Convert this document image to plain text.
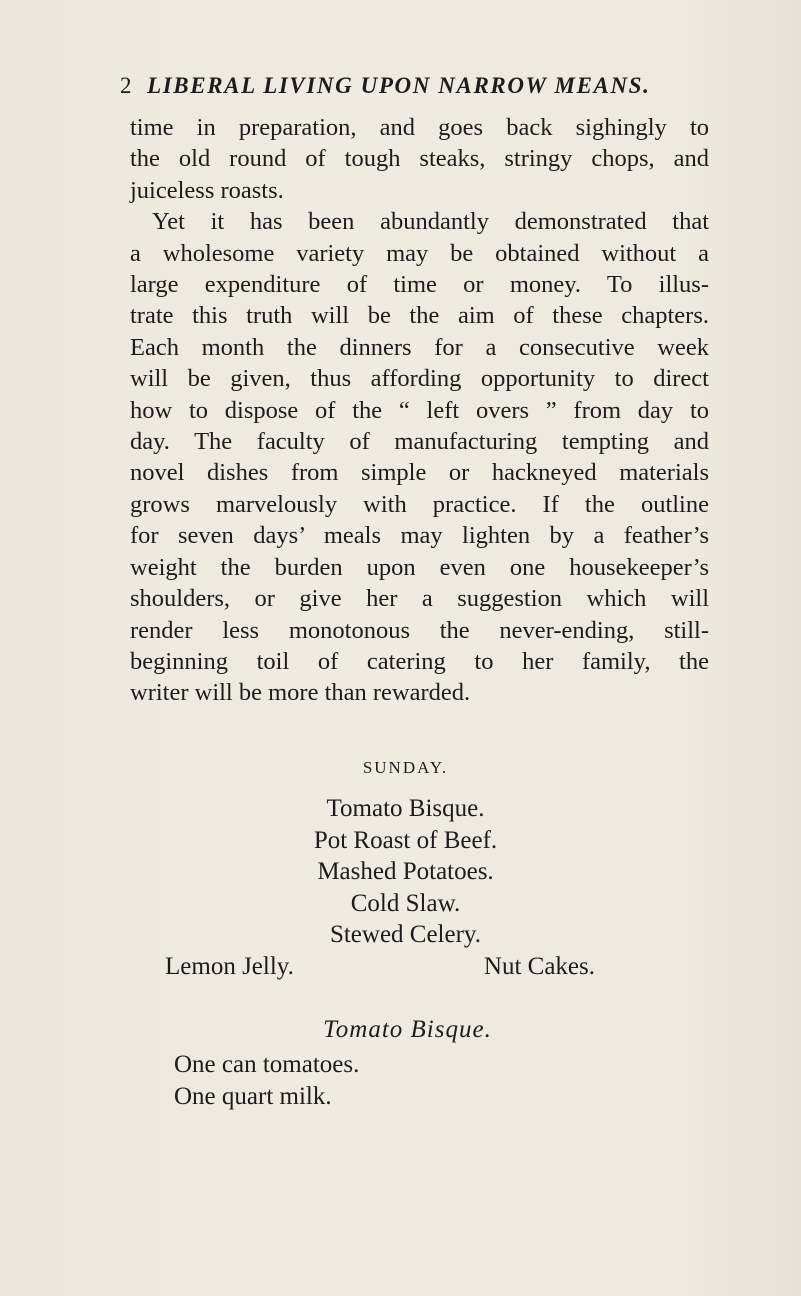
2 LIBERAL LIVING UPON NARROW MEANS.

time in preparation, and goes back sighingly to
the old round of tough steaks, stringy chops, and
juiceless roasts.

Yet it has been abundantly demonstrated that
a wholesome variety may be obtained without a
large expenditure of time or money. To illus-
trate this truth will be the aim of these chapters.
Each month the dinners for a consecutive week
will be given, thus affording opportunity to direct
how to dispose of the “ left overs ” from day to
day. The faculty of manufacturing tempting and
novel dishes from simple or hackneyed materials
grows marvelously with practice. If the outline
for seven days’ meals may lighten by a feather’s
weight the burden upon even one housekeeper’s
shoulders, or give her a suggestion which will
render less monotonous the never-ending, still-
beginning toil of catering to her family, the
writer will be more than rewarded.

SUNDAY.
Tomato Bisque.
Pot Roast of Beef.
Mashed Potatoes.
Cold Slaw.
Stewed Celery.
Lemon Jelly.	Nut Cakes.
Tomato Bisque.
One can tomatoes.
One quart milk.
